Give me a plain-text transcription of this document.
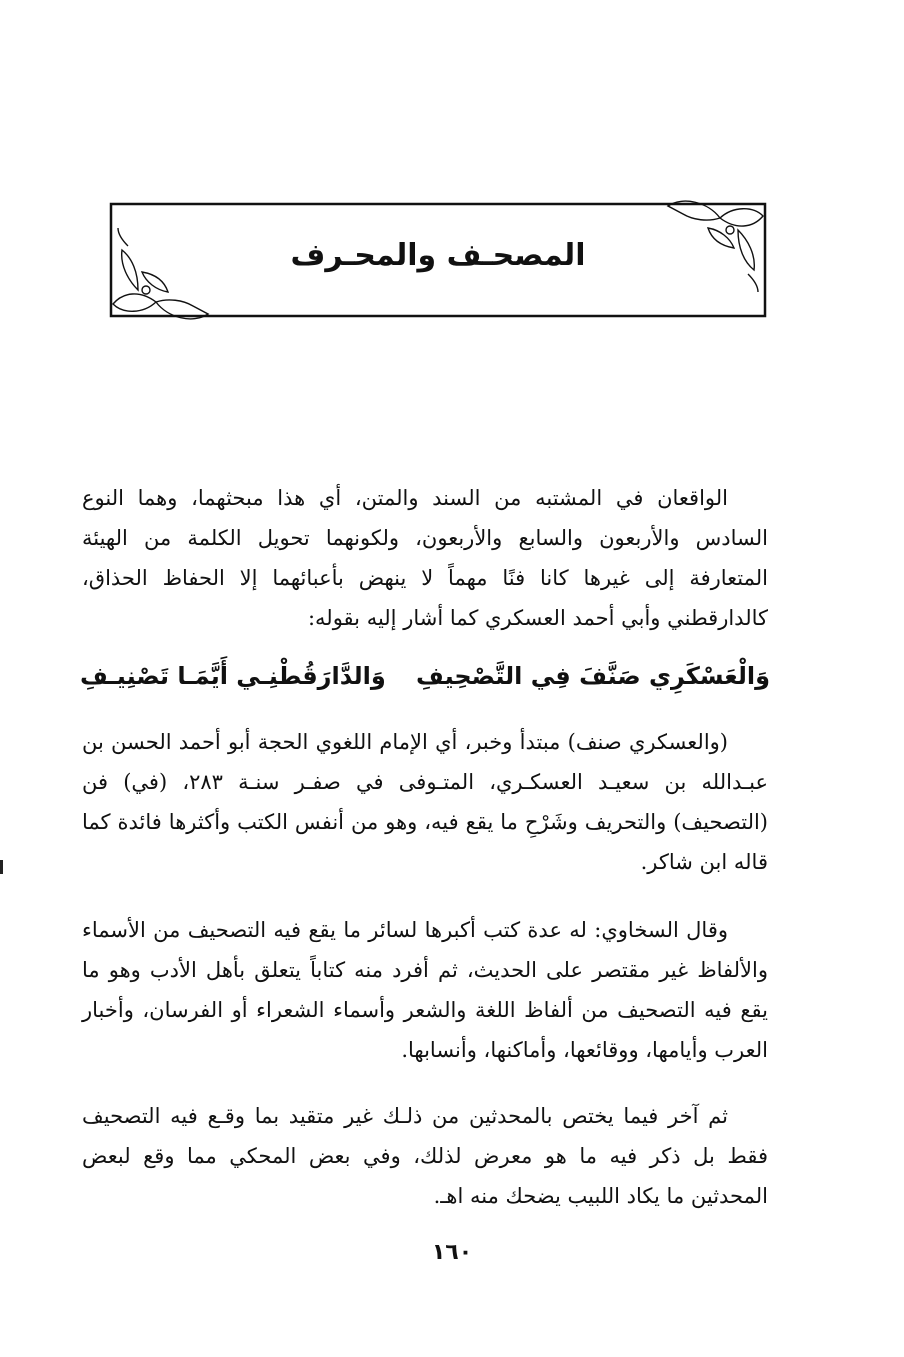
المصحـف والمحـرف

الواقعان في المشتبه من السند والمتن، أي هذا مبحثهما، وهما النوع السادس والأربعون والسابع والأربعون، ولكونهما تحويل الكلمة من الهيئة المتعارفة إلى غيرها كانا فنًا مهماً لا ينهض بأعبائهما إلا الحفاظ الحذاق، كالدارقطني وأبي أحمد العسكري كما أشار إليه بقوله:

وَالْعَسْكَرِي صَنَّفَ فِي التَّصْحِيفِ
وَالدَّارَقُطْنِـي أَيَّمَـا تَصْنِيـفِ

(والعسكري صنف) مبتدأ وخبر، أي الإمام اللغوي الحجة أبو أحمد الحسن بن عبـدالله بن سعيـد العسكـري، المتـوفى في صفـر سنـة ٢٨٣، (في) فن (التصحيف) والتحريف وشَرْحِ ما يقع فيه، وهو من أنفس الكتب وأكثرها فائدة كما قاله ابن شاكر.

وقال السخاوي: له عدة كتب أكبرها لسائر ما يقع فيه التصحيف من الأسماء والألفاظ غير مقتصر على الحديث، ثم أفرد منه كتاباً يتعلق بأهل الأدب وهو ما يقع فيه التصحيف من ألفاظ اللغة والشعر وأسماء الشعراء أو الفرسان، وأخبار العرب وأيامها، ووقائعها، وأماكنها، وأنسابها.

ثم آخر فيما يختص بالمحدثين من ذلـك غير متقيد بما وقـع فيه التصحيف فقط بل ذكر فيه ما هو معرض لذلك، وفي بعض المحكي مما وقع لبعض المحدثين ما يكاد اللبيب يضحك منه اهـ.

١٦٠
